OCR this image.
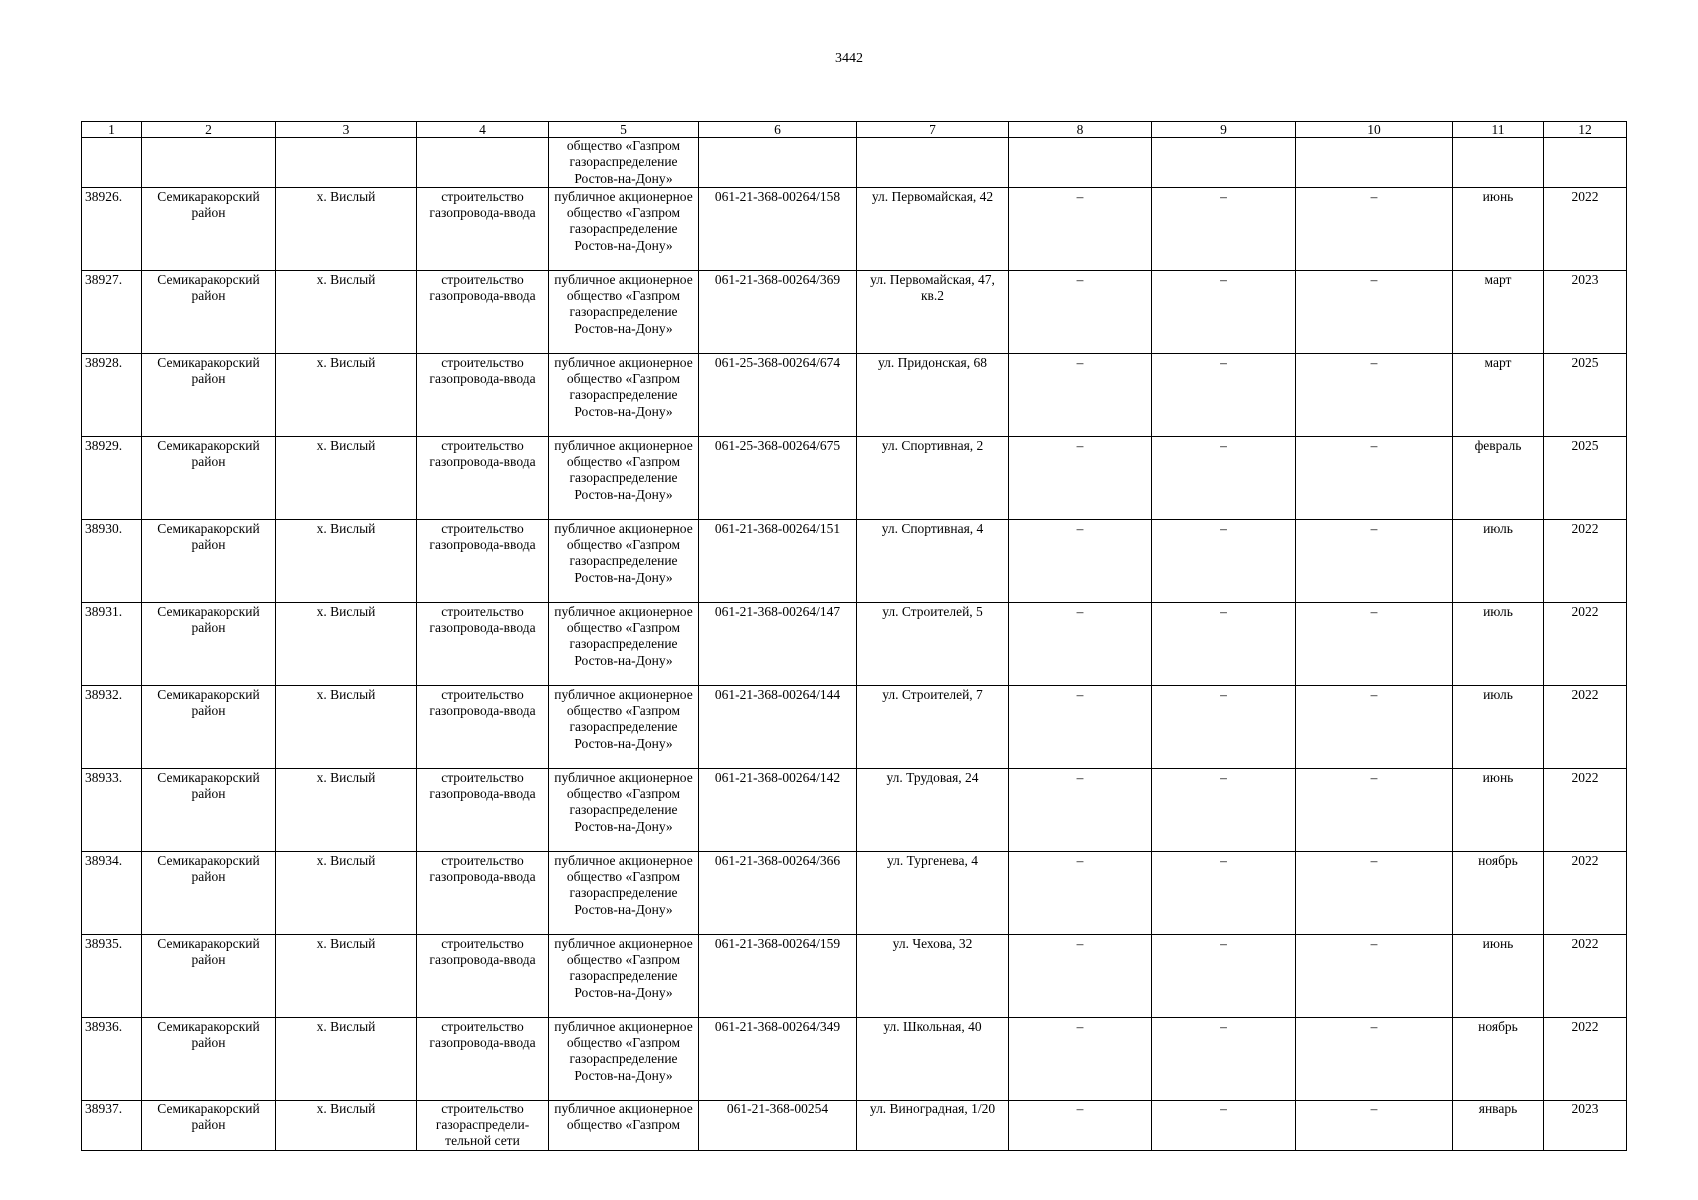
3442
1	2	3	4	5	6	7	8	9	10	11	12
				общество «Газпром газораспределение Ростов-на-Дону»							
38926.	Семикаракорский район	х. Вислый	строительство газопровода-ввода	публичное акционерное общество «Газпром газораспределение Ростов-на-Дону»	061-21-368-00264/158	ул. Первомайская, 42	–	–	–	июнь	2022
38927.	Семикаракорский район	х. Вислый	строительство газопровода-ввода	публичное акционерное общество «Газпром газораспределение Ростов-на-Дону»	061-21-368-00264/369	ул. Первомайская, 47, кв.2	–	–	–	март	2023
38928.	Семикаракорский район	х. Вислый	строительство газопровода-ввода	публичное акционерное общество «Газпром газораспределение Ростов-на-Дону»	061-25-368-00264/674	ул. Придонская, 68	–	–	–	март	2025
38929.	Семикаракорский район	х. Вислый	строительство газопровода-ввода	публичное акционерное общество «Газпром газораспределение Ростов-на-Дону»	061-25-368-00264/675	ул. Спортивная, 2	–	–	–	февраль	2025
38930.	Семикаракорский район	х. Вислый	строительство газопровода-ввода	публичное акционерное общество «Газпром газораспределение Ростов-на-Дону»	061-21-368-00264/151	ул. Спортивная, 4	–	–	–	июль	2022
38931.	Семикаракорский район	х. Вислый	строительство газопровода-ввода	публичное акционерное общество «Газпром газораспределение Ростов-на-Дону»	061-21-368-00264/147	ул. Строителей, 5	–	–	–	июль	2022
38932.	Семикаракорский район	х. Вислый	строительство газопровода-ввода	публичное акционерное общество «Газпром газораспределение Ростов-на-Дону»	061-21-368-00264/144	ул. Строителей, 7	–	–	–	июль	2022
38933.	Семикаракорский район	х. Вислый	строительство газопровода-ввода	публичное акционерное общество «Газпром газораспределение Ростов-на-Дону»	061-21-368-00264/142	ул. Трудовая, 24	–	–	–	июнь	2022
38934.	Семикаракорский район	х. Вислый	строительство газопровода-ввода	публичное акционерное общество «Газпром газораспределение Ростов-на-Дону»	061-21-368-00264/366	ул. Тургенева, 4	–	–	–	ноябрь	2022
38935.	Семикаракорский район	х. Вислый	строительство газопровода-ввода	публичное акционерное общество «Газпром газораспределение Ростов-на-Дону»	061-21-368-00264/159	ул. Чехова, 32	–	–	–	июнь	2022
38936.	Семикаракорский район	х. Вислый	строительство газопровода-ввода	публичное акционерное общество «Газпром газораспределение Ростов-на-Дону»	061-21-368-00264/349	ул. Школьная, 40	–	–	–	ноябрь	2022
38937.	Семикаракорский район	х. Вислый	строительство газораспредели-тельной сети	публичное акционерное общество «Газпром	061-21-368-00254	ул. Виноградная, 1/20	–	–	–	январь	2023
